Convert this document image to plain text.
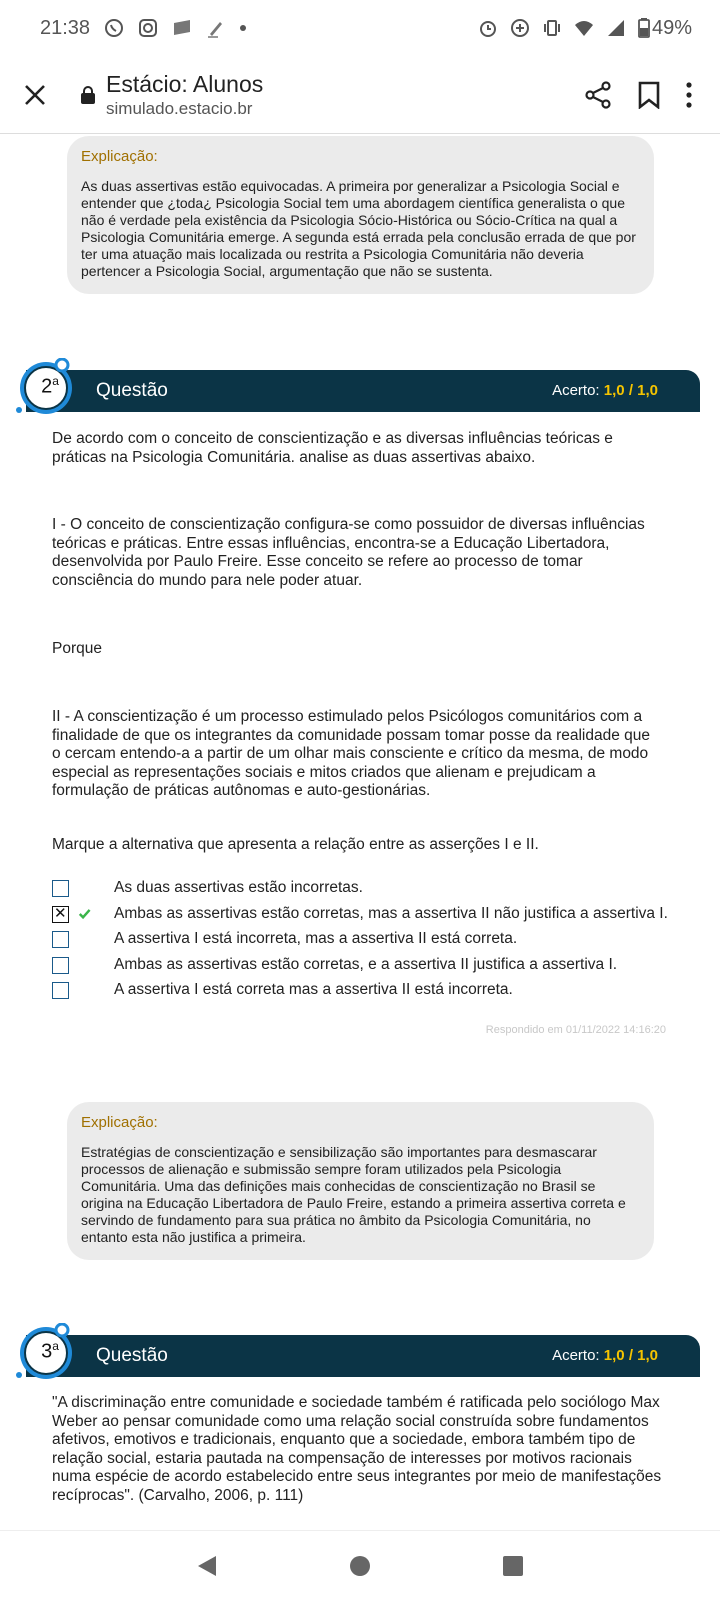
21:38	49%
Estácio: Alunos
simulado.estacio.br
Explicação:
As duas assertivas estão equivocadas. A primeira por generalizar a Psicologia Social e entender que ¿toda¿ Psicologia Social tem uma abordagem científica generalista o que não é verdade pela existência da Psicologia Sócio-Histórica ou Sócio-Crítica na qual a Psicologia Comunitária emerge. A segunda está errada pela conclusão errada de que por ter uma atuação mais localizada ou restrita a Psicologia Comunitária não deveria pertencer a Psicologia Social, argumentação que não se sustenta.
Questão	Acerto: 1,0 / 1,0
2$^a$
De acordo com o conceito de conscientização e as diversas influências teóricas e práticas na Psicologia Comunitária. analise as duas assertivas abaixo.
I - O conceito de conscientização configura-se como possuidor de diversas influências teóricas e práticas. Entre essas influências, encontra-se a Educação Libertadora, desenvolvida por Paulo Freire. Esse conceito se refere ao processo de tomar consciência do mundo para nele poder atuar.
Porque
II - A conscientização é um processo estimulado pelos Psicólogos comunitários com a finalidade de que os integrantes da comunidade possam tomar posse da realidade que o cercam entendo-a a partir de um olhar mais consciente e crítico da mesma, de modo especial as representações sociais e mitos criados que alienam e prejudicam a formulação de práticas autônomas e auto-gestionárias.
Marque a alternativa que apresenta a relação entre as asserções I e II.
As duas assertivas estão incorretas.
✕
Ambas as assertivas estão corretas, mas a assertiva II não justifica a assertiva I.
A assertiva I está incorreta, mas a assertiva II está correta.
Ambas as assertivas estão corretas, e a assertiva II justifica a assertiva I.
A assertiva I está correta mas a assertiva II está incorreta.
Respondido em 01/11/2022 14:16:20
Explicação:
Estratégias de conscientização e sensibilização são importantes para desmascarar processos de alienação e submissão sempre foram utilizados pela Psicologia Comunitária. Uma das definições mais conhecidas de conscientização no Brasil se origina na Educação Libertadora de Paulo Freire, estando a primeira assertiva correta e servindo de fundamento para sua prática no âmbito da Psicologia Comunitária, no entanto esta não justifica a primeira.
Questão	Acerto: 1,0 / 1,0
3$^a$
"A discriminação entre comunidade e sociedade também é ratificada pelo sociólogo Max Weber ao pensar comunidade como uma relação social construída sobre fundamentos afetivos, emotivos e tradicionais, enquanto que a sociedade, embora também tipo de relação social, estaria pautada na compensação de interesses por motivos racionais numa espécie de acordo estabelecido entre seus integrantes por meio de manifestações recíprocas". (Carvalho, 2006, p. 111)
